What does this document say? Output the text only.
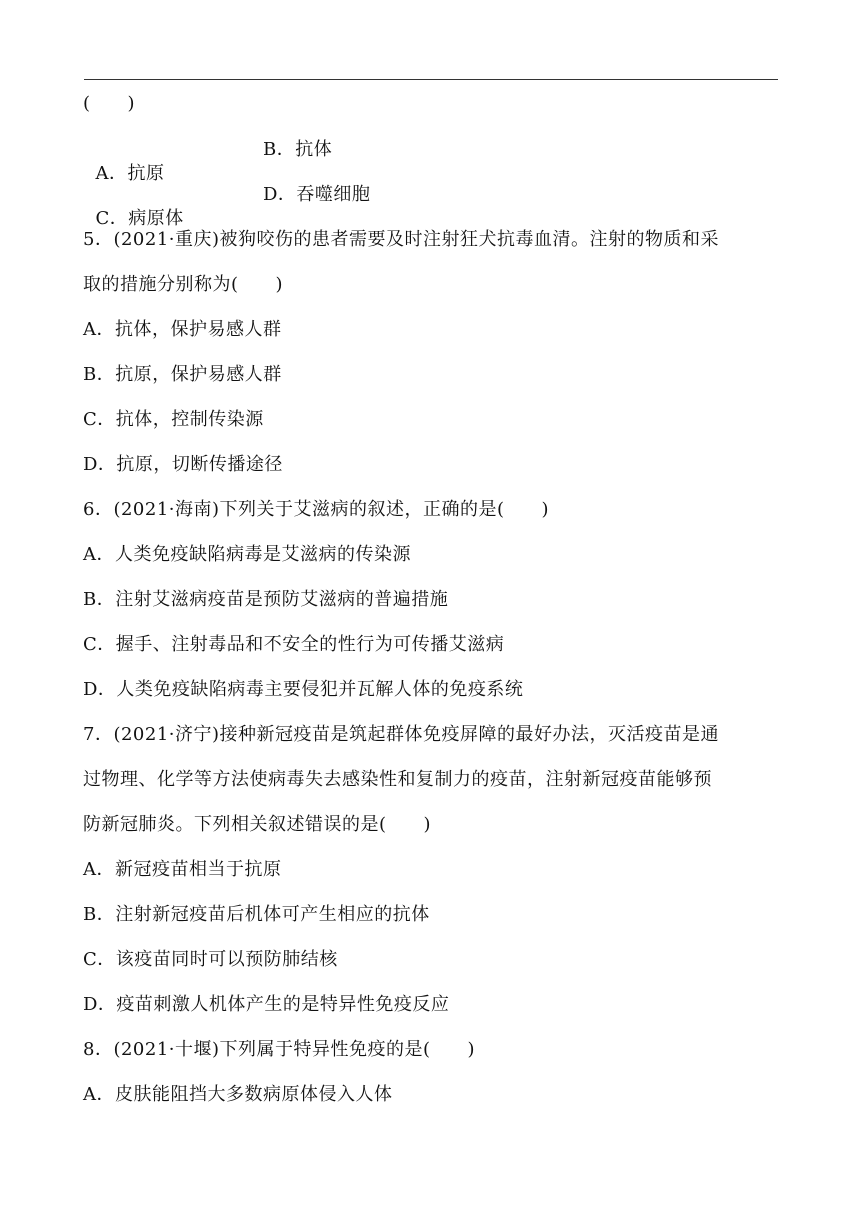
(　　)

A．抗原

B．抗体

C．病原体

D．吞噬细胞

5．(2021·重庆)被狗咬伤的患者需要及时注射狂犬抗毒血清。注射的物质和采
取的措施分别称为(　　)
A．抗体，保护易感人群
B．抗原，保护易感人群
C．抗体，控制传染源
D．抗原，切断传播途径
6．(2021·海南)下列关于艾滋病的叙述，正确的是(　　)
A．人类免疫缺陷病毒是艾滋病的传染源
B．注射艾滋病疫苗是预防艾滋病的普遍措施
C．握手、注射毒品和不安全的性行为可传播艾滋病
D．人类免疫缺陷病毒主要侵犯并瓦解人体的免疫系统
7．(2021·济宁)接种新冠疫苗是筑起群体免疫屏障的最好办法，灭活疫苗是通
过物理、化学等方法使病毒失去感染性和复制力的疫苗，注射新冠疫苗能够预
防新冠肺炎。下列相关叙述错误的是(　　)
A．新冠疫苗相当于抗原
B．注射新冠疫苗后机体可产生相应的抗体
C．该疫苗同时可以预防肺结核
D．疫苗刺激人机体产生的是特异性免疫反应
8．(2021·十堰)下列属于特异性免疫的是(　　)
A．皮肤能阻挡大多数病原体侵入人体
